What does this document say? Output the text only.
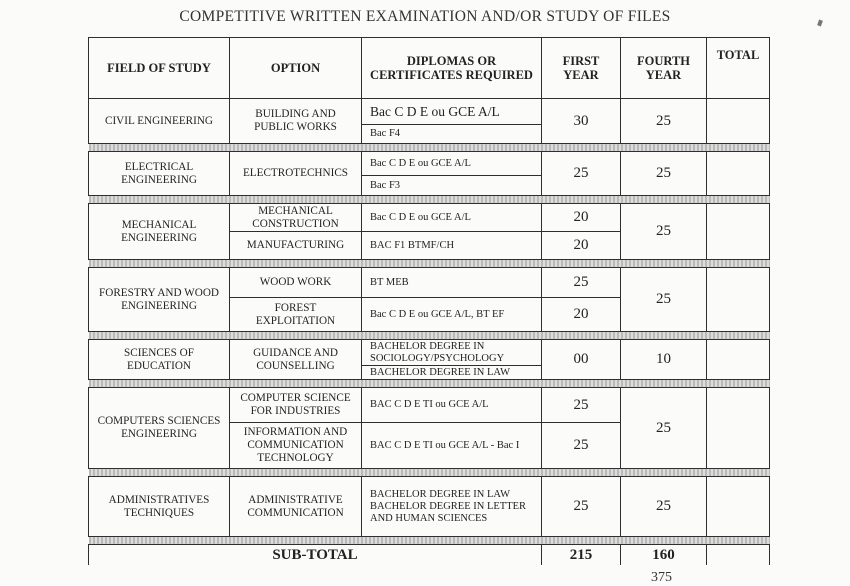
COMPETITIVE WRITTEN EXAMINATION AND/OR STUDY OF FILES
FIELD OF STUDY	OPTION	DIPLOMAS OR CERTIFICATES REQUIRED	FIRST YEAR	FOURTH YEAR	TOTAL
CIVIL ENGINEERING	BUILDING AND PUBLIC WORKS	Bac C D E ou GCE A/L	30	25	
		Bac F4			

ELECTRICAL ENGINEERING	ELECTROTECHNICS	Bac C D E ou GCE A/L	25	25	
		Bac F3			

MECHANICAL ENGINEERING	MECHANICAL CONSTRUCTION	Bac C D E ou GCE A/L	20	25	
	MANUFACTURING	BAC F1 BTMF/CH	20		

FORESTRY AND WOOD ENGINEERING	WOOD WORK	BT MEB	25	25	
	FOREST EXPLOITATION	Bac C D E ou GCE A/L, BT EF	20		

SCIENCES OF EDUCATION	GUIDANCE AND COUNSELLING	BACHELOR DEGREE IN SOCIOLOGY/PSYCHOLOGY	00	10	
		BACHELOR DEGREE IN LAW			

COMPUTERS SCIENCES ENGINEERING	COMPUTER SCIENCE FOR INDUSTRIES	BAC C D E TI ou GCE A/L	25	25	
	INFORMATION AND COMMUNICATION TECHNOLOGY	BAC C D E TI ou GCE A/L - Bac I	25		

ADMINISTRATIVES TECHNIQUES	ADMINISTRATIVE COMMUNICATION	BACHELOR DEGREE IN LAW BACHELOR DEGREE IN LETTER AND HUMAN SCIENCES	25	25	

SUB-TOTAL			215	160	
375
